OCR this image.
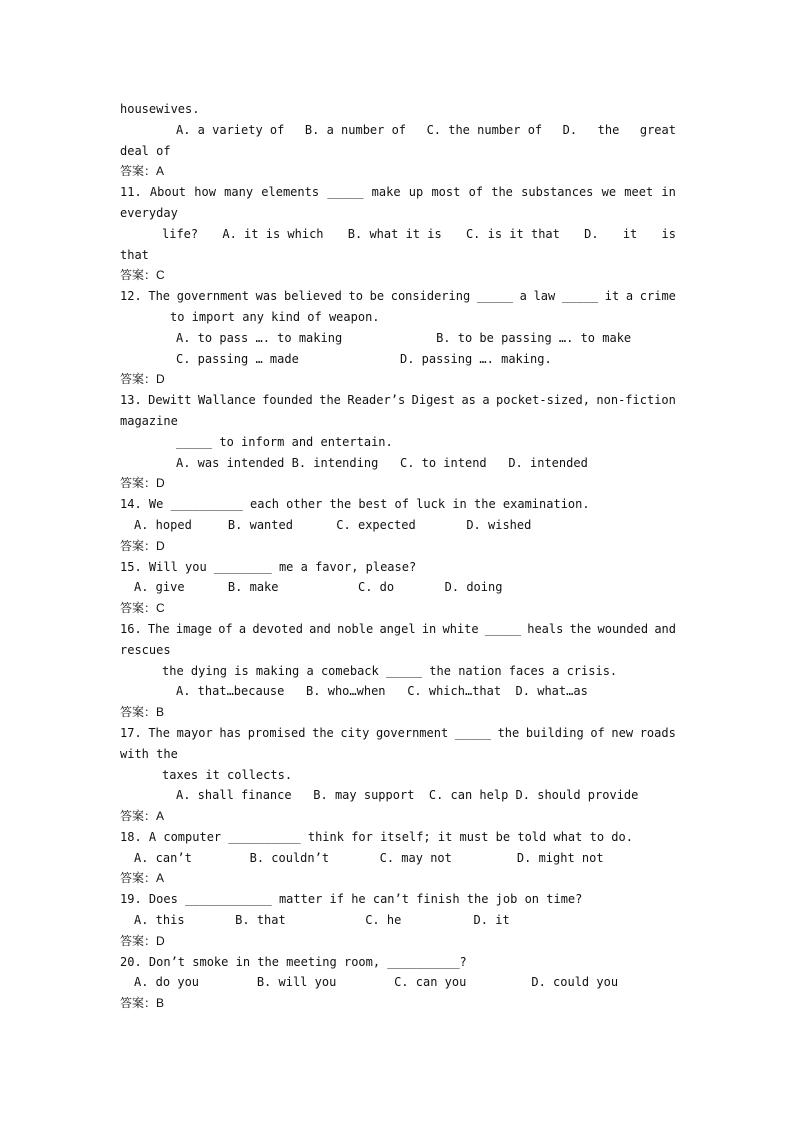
housewives.
A. a variety of B. a number of C. the number of D. the great
deal of
答案：A
11. About how many elements _____ make up most of the substances we meet in
everyday
life? A. it is which B. what it is C. is it that D. it is
that
答案：C
12. The government was believed to be considering _____ a law _____ it a crime
to import any kind of weapon.
A. to pass …. to making             B. to be passing …. to make
C. passing … made              D. passing …. making.
答案：D
13. Dewitt Wallance founded the Reader’s Digest as a pocket-sized, non-fiction
magazine
_____ to inform and entertain.
A. was intended B. intending   C. to intend   D. intended
答案：D
14. We __________ each other the best of luck in the examination.
A. hoped     B. wanted      C. expected       D. wished
答案：D
15. Will you ________ me a favor, please?
A. give      B. make           C. do       D. doing
答案：C
16. The image of a devoted and noble angel in white _____ heals the wounded and
rescues
the dying is making a comeback _____ the nation faces a crisis.
A. that…because   B. who…when   C. which…that  D. what…as
答案：B
17. The mayor has promised the city government _____ the building of new roads
with the
taxes it collects.
A. shall finance   B. may support  C. can help D. should provide
答案：A
18. A computer __________ think for itself; it must be told what to do.
A. can’t        B. couldn’t       C. may not         D. might not
答案：A
19. Does ____________ matter if he can’t finish the job on time?
A. this       B. that           C. he          D. it
答案：D
20. Don’t smoke in the meeting room, __________?
A. do you        B. will you        C. can you         D. could you
答案：B
